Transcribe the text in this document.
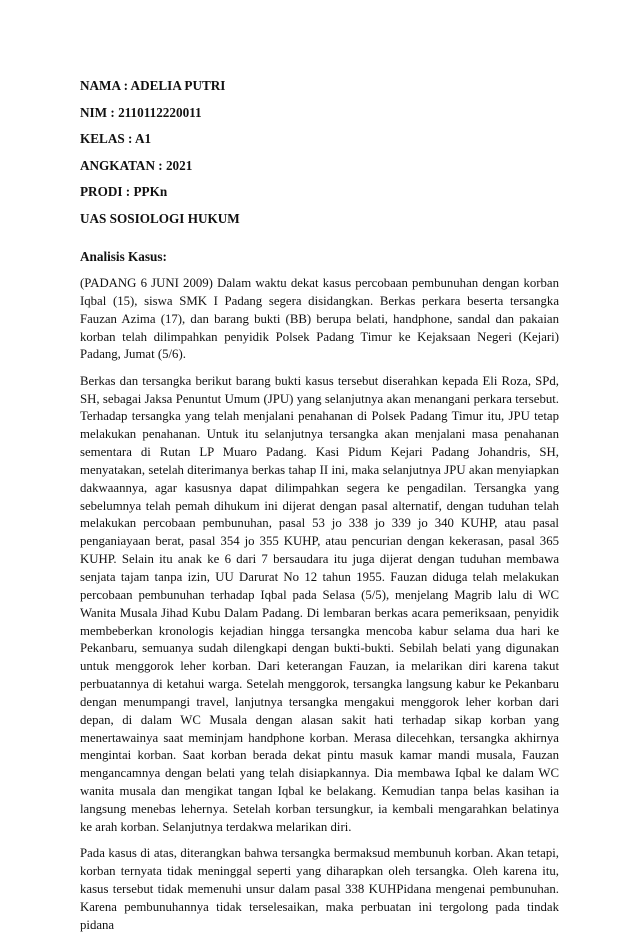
NAMA : ADELIA PUTRI
NIM : 2110112220011
KELAS : A1
ANGKATAN : 2021
PRODI : PPKn
UAS SOSIOLOGI HUKUM
Analisis Kasus:

(PADANG 6 JUNI 2009) Dalam waktu dekat kasus percobaan pembunuhan dengan korban Iqbal (15), siswa SMK I Padang segera disidangkan. Berkas perkara beserta tersangka Fauzan Azima (17), dan barang bukti (BB) berupa belati, handphone, sandal dan pakaian korban telah dilimpahkan penyidik Polsek Padang Timur ke Kejaksaan Negeri (Kejari) Padang, Jumat (5/6).

Berkas dan tersangka berikut barang bukti kasus tersebut diserahkan kepada Eli Roza, SPd, SH, sebagai Jaksa Penuntut Umum (JPU) yang selanjutnya akan menangani perkara tersebut. Terhadap tersangka yang telah menjalani penahanan di Polsek Padang Timur itu, JPU tetap melakukan penahanan. Untuk itu selanjutnya tersangka akan menjalani masa penahanan sementara di Rutan LP Muaro Padang. Kasi Pidum Kejari Padang Johandris, SH, menyatakan, setelah diterimanya berkas tahap II ini, maka selanjutnya JPU akan menyiapkan dakwaannya, agar kasusnya dapat dilimpahkan segera ke pengadilan. Tersangka yang sebelumnya telah pemah dihukum ini dijerat dengan pasal alternatif, dengan tuduhan telah melakukan percobaan pembunuhan, pasal 53 jo 338 jo 339 jo 340 KUHP, atau pasal penganiayaan berat, pasal 354 jo 355 KUHP, atau pencurian dengan kekerasan, pasal 365 KUHP. Selain itu anak ke 6 dari 7 bersaudara itu juga dijerat dengan tuduhan membawa senjata tajam tanpa izin, UU Darurat No 12 tahun 1955. Fauzan diduga telah melakukan percobaan pembunuhan terhadap Iqbal pada Selasa (5/5), menjelang Magrib lalu di WC Wanita Musala Jihad Kubu Dalam Padang. Di lembaran berkas acara pemeriksaan, penyidik membeberkan kronologis kejadian hingga tersangka mencoba kabur selama dua hari ke Pekanbaru, semuanya sudah dilengkapi dengan bukti-bukti. Sebilah belati yang digunakan untuk menggorok leher korban. Dari keterangan Fauzan, ia melarikan diri karena takut perbuatannya di ketahui warga. Setelah menggorok, tersangka langsung kabur ke Pekanbaru dengan menumpangi travel, lanjutnya tersangka mengakui menggorok leher korban dari depan, di dalam WC Musala dengan alasan sakit hati terhadap sikap korban yang menertawainya saat meminjam handphone korban. Merasa dilecehkan, tersangka akhirnya mengintai korban. Saat korban berada dekat pintu masuk kamar mandi musala, Fauzan mengancamnya dengan belati yang telah disiapkannya. Dia membawa Iqbal ke dalam WC wanita musala dan mengikat tangan Iqbal ke belakang. Kemudian tanpa belas kasihan ia langsung menebas lehernya. Setelah korban tersungkur, ia kembali mengarahkan belatinya ke arah korban. Selanjutnya terdakwa melarikan diri.

Pada kasus di atas, diterangkan bahwa tersangka bermaksud membunuh korban. Akan tetapi, korban ternyata tidak meninggal seperti yang diharapkan oleh tersangka. Oleh karena itu, kasus tersebut tidak memenuhi unsur dalam pasal 338 KUHPidana mengenai pembunuhan. Karena pembunuhannya tidak terselesaikan, maka perbuatan ini tergolong pada tindak pidana
